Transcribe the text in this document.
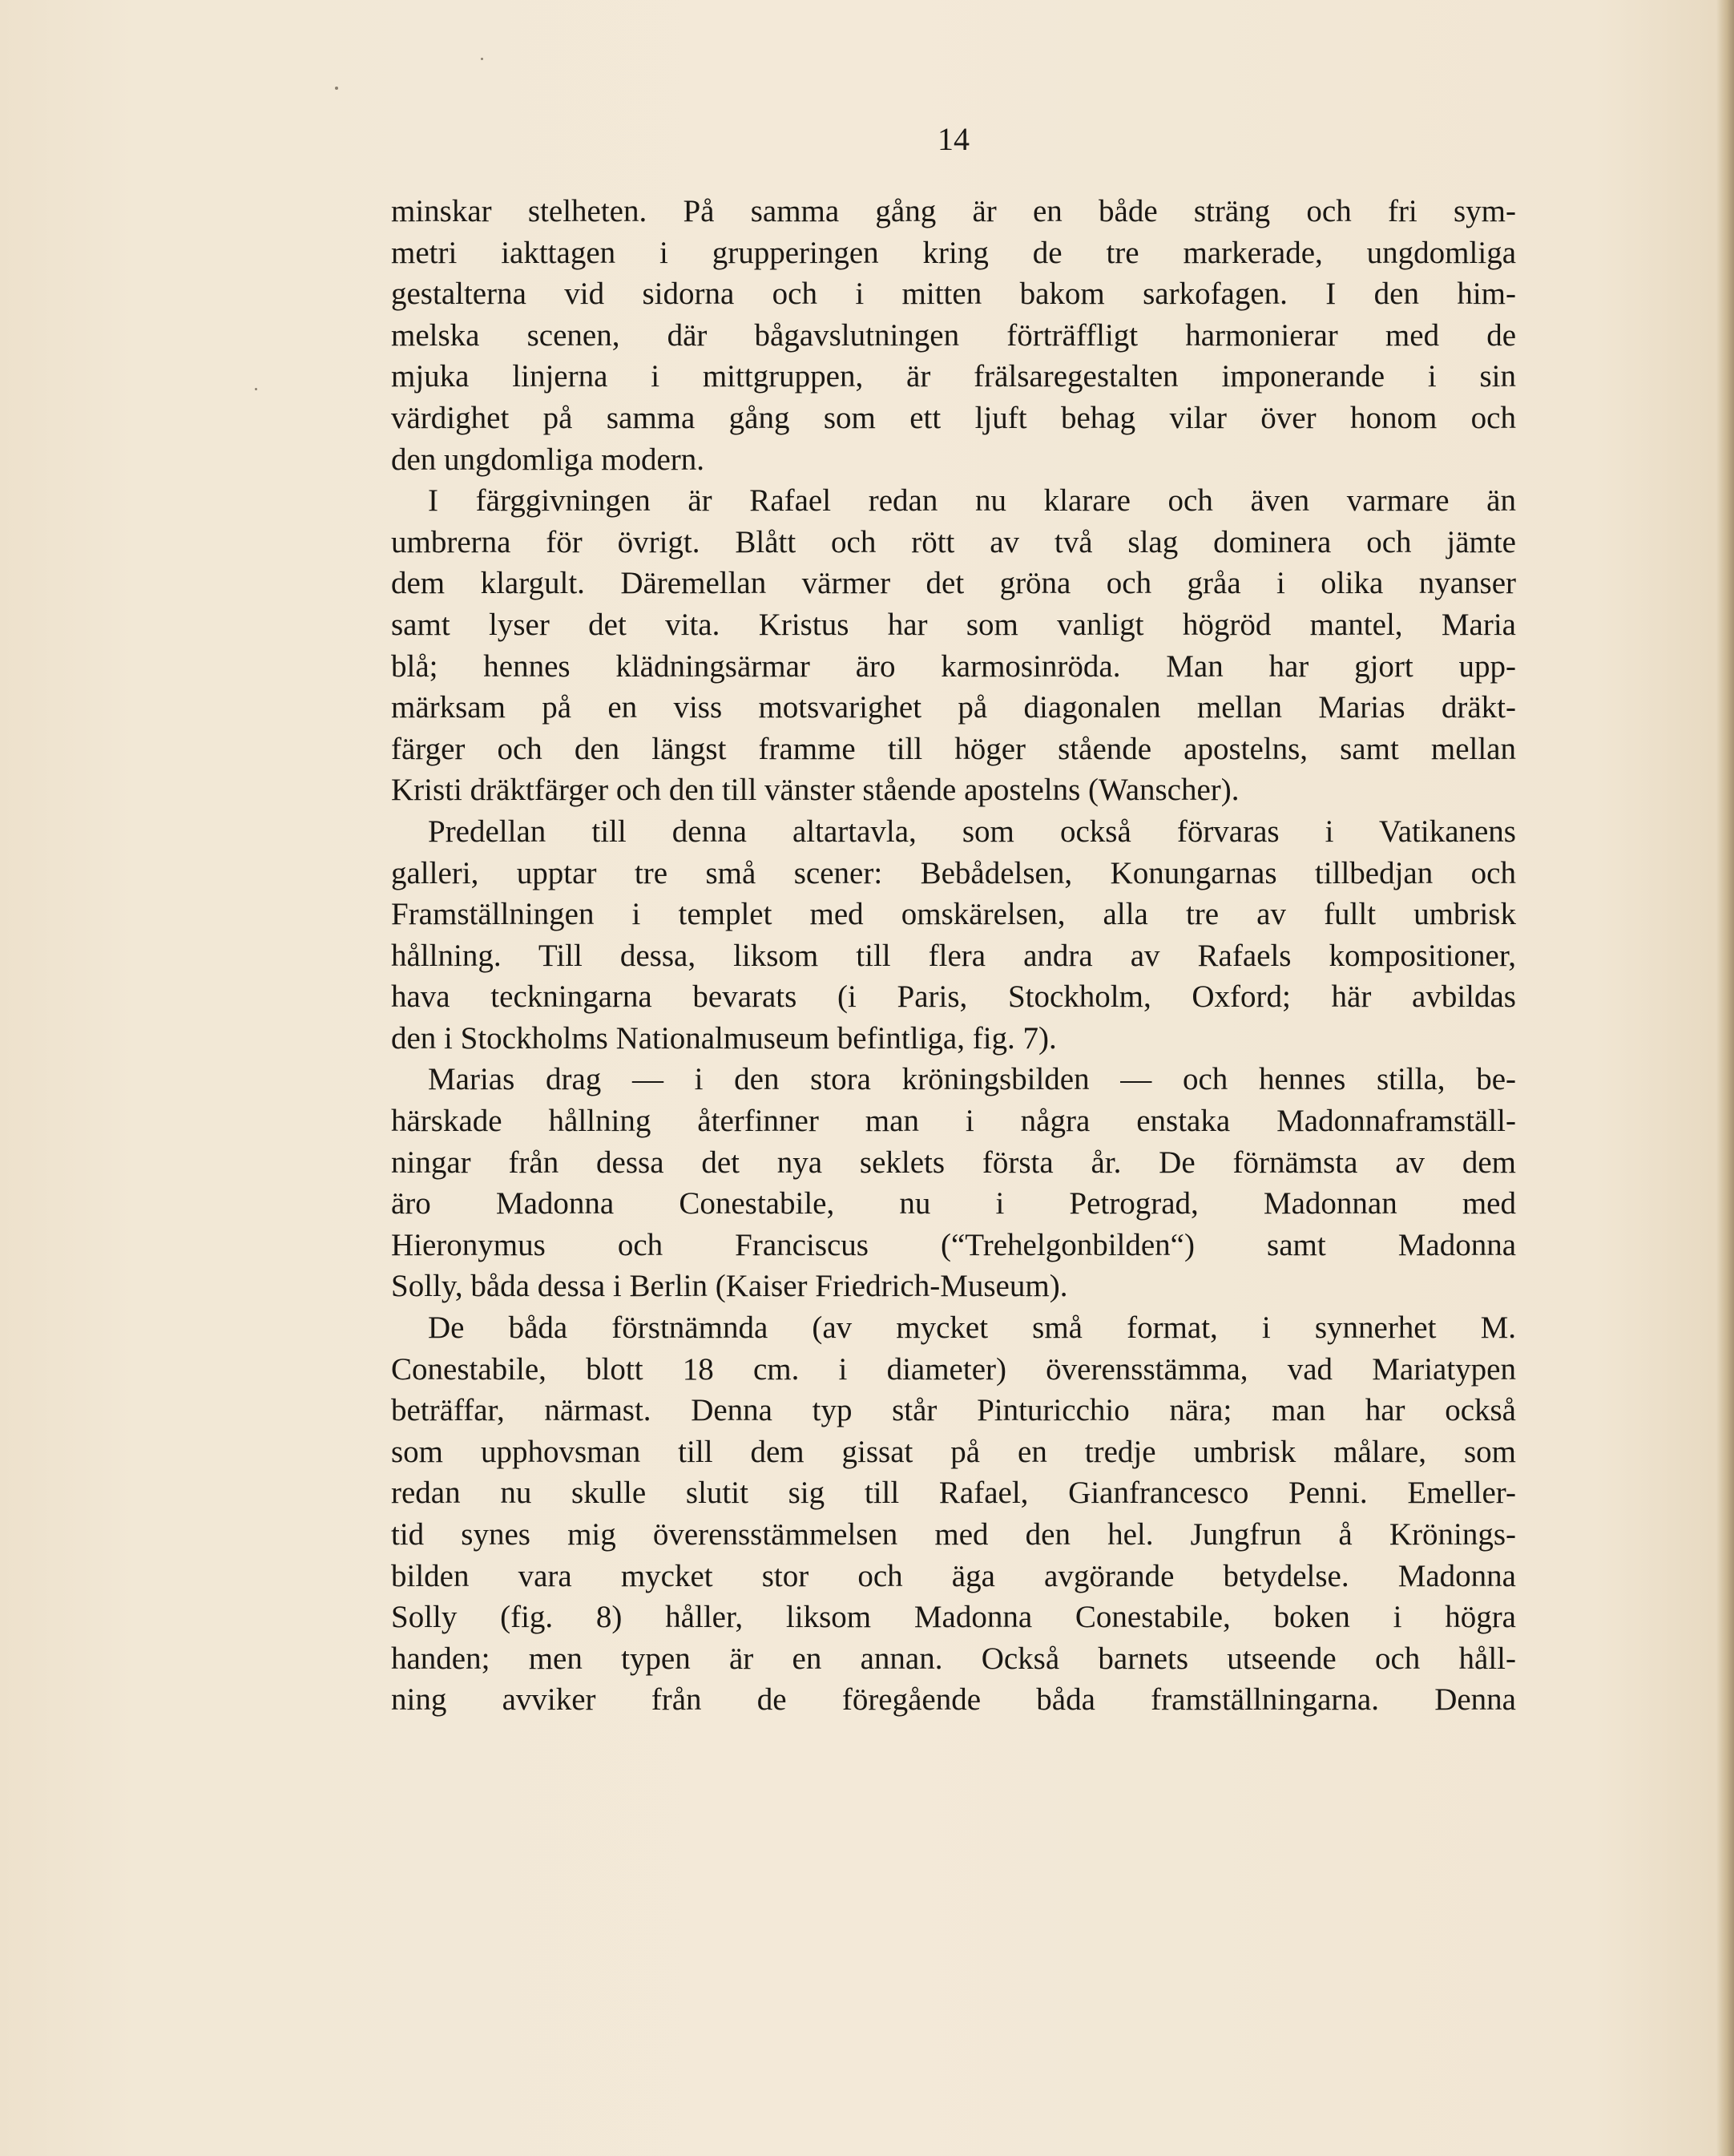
14
minskar stelheten. På samma gång är en både sträng och fri sym-
metri iakttagen i grupperingen kring de tre markerade, ungdomliga
gestalterna vid sidorna och i mitten bakom sarkofagen. I den him-
melska scenen, där bågavslutningen förträffligt harmonierar med de
mjuka linjerna i mittgruppen, är frälsaregestalten imponerande i sin
värdighet på samma gång som ett ljuft behag vilar över honom och
den ungdomliga modern.
I färggivningen är Rafael redan nu klarare och även varmare än
umbrerna för övrigt. Blått och rött av två slag dominera och jämte
dem klargult. Däremellan värmer det gröna och gråa i olika nyanser
samt lyser det vita. Kristus har som vanligt högröd mantel, Maria
blå; hennes klädningsärmar äro karmosinröda. Man har gjort upp-
märksam på en viss motsvarighet på diagonalen mellan Marias dräkt-
färger och den längst framme till höger stående apostelns, samt mellan
Kristi dräktfärger och den till vänster stående apostelns (Wanscher).
Predellan till denna altartavla, som också förvaras i Vatikanens
galleri, upptar tre små scener: Bebådelsen, Konungarnas tillbedjan och
Framställningen i templet med omskärelsen, alla tre av fullt umbrisk
hållning. Till dessa, liksom till flera andra av Rafaels kompositioner,
hava teckningarna bevarats (i Paris, Stockholm, Oxford; här avbildas
den i Stockholms Nationalmuseum befintliga, fig. 7).
Marias drag — i den stora kröningsbilden — och hennes stilla, be-
härskade hållning återfinner man i några enstaka Madonnaframställ-
ningar från dessa det nya seklets första år. De förnämsta av dem
äro Madonna Conestabile, nu i Petrograd, Madonnan med
Hieronymus och Franciscus (“Trehelgonbilden“) samt Madonna
Solly, båda dessa i Berlin (Kaiser Friedrich-Museum).
De båda förstnämnda (av mycket små format, i synnerhet M.
Conestabile, blott 18 cm. i diameter) överensstämma, vad Mariatypen
beträffar, närmast. Denna typ står Pinturicchio nära; man har också
som upphovsman till dem gissat på en tredje umbrisk målare, som
redan nu skulle slutit sig till Rafael, Gianfrancesco Penni. Emeller-
tid synes mig överensstämmelsen med den hel. Jungfrun å Krönings-
bilden vara mycket stor och äga avgörande betydelse. Madonna
Solly (fig. 8) håller, liksom Madonna Conestabile, boken i högra
handen; men typen är en annan. Också barnets utseende och håll-
ning avviker från de föregående båda framställningarna. Denna
